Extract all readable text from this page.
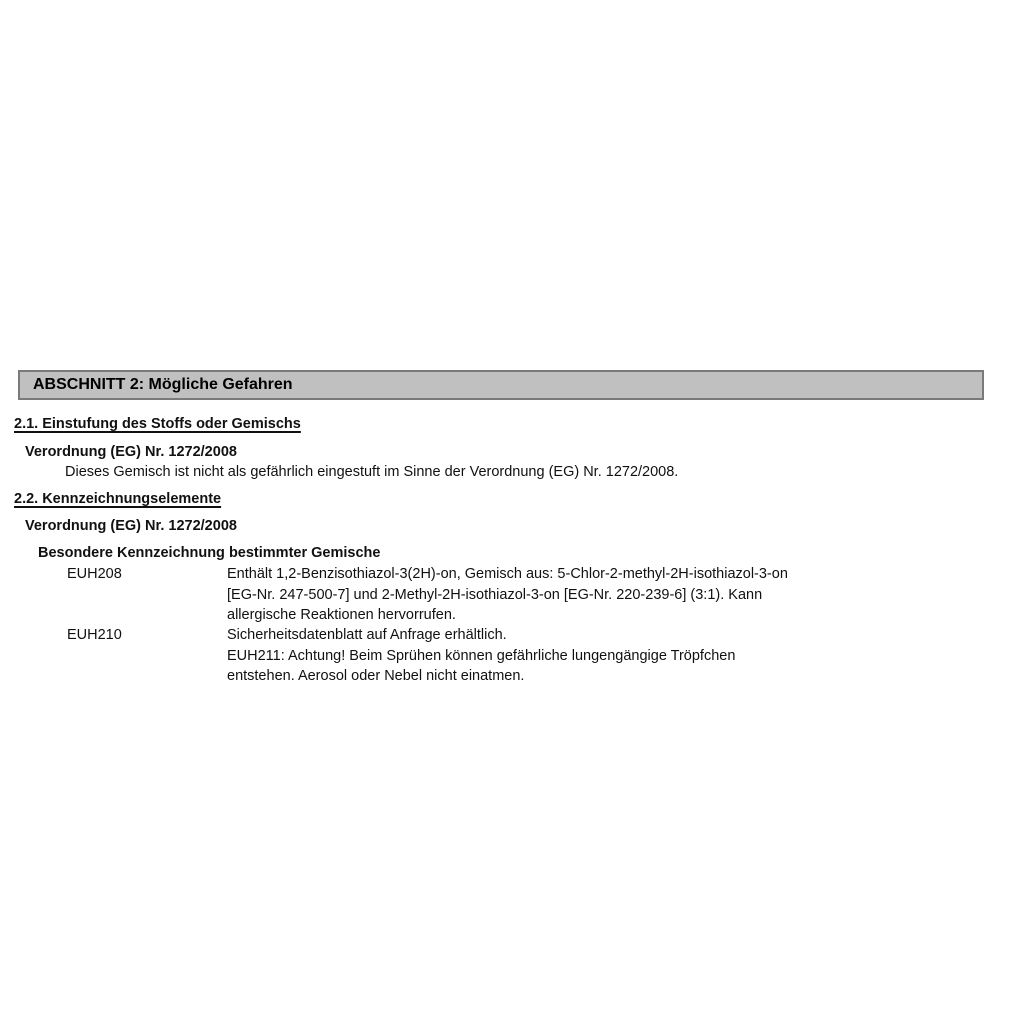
ABSCHNITT 2: Mögliche Gefahren
2.1. Einstufung des Stoffs oder Gemischs
Verordnung (EG) Nr. 1272/2008
Dieses Gemisch ist nicht als gefährlich eingestuft im Sinne der Verordnung (EG) Nr. 1272/2008.
2.2. Kennzeichnungselemente
Verordnung (EG) Nr. 1272/2008
Besondere Kennzeichnung bestimmter Gemische
EUH208	Enthält 1,2-Benzisothiazol-3(2H)-on, Gemisch aus: 5-Chlor-2-methyl-2H-isothiazol-3-on
[EG-Nr. 247-500-7] und 2-Methyl-2H-isothiazol-3-on [EG-Nr. 220-239-6] (3:1). Kann
allergische Reaktionen hervorrufen.
EUH210	Sicherheitsdatenblatt auf Anfrage erhältlich.
EUH211: Achtung! Beim Sprühen können gefährliche lungengängige Tröpfchen
entstehen. Aerosol oder Nebel nicht einatmen.
